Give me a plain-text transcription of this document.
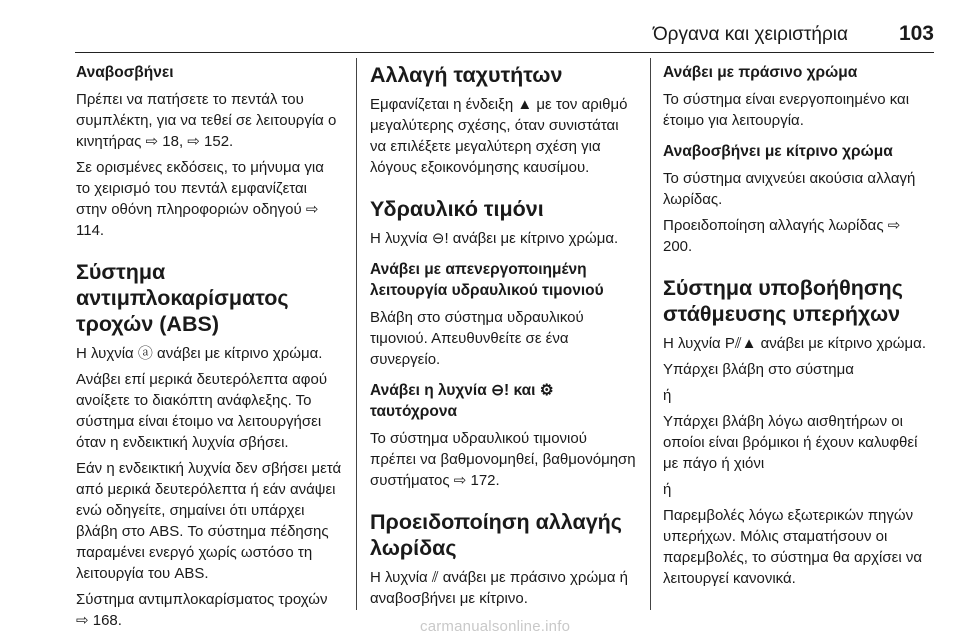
Όργανα και χειριστήρια 103
Αναβοσβήνει
Πρέπει να πατήσετε το πεντάλ του συμπλέκτη, για να τεθεί σε λειτουργία ο κινητήρας ⇨ 18, ⇨ 152.
Σε ορισμένες εκδόσεις, το μήνυμα για το χειρισμό του πεντάλ εμφανίζεται στην οθόνη πληροφοριών οδηγού ⇨ 114.
Σύστημα αντιμπλοκαρίσματος τροχών (ABS)
Η λυχνία ⓐ ανάβει με κίτρινο χρώμα.
Ανάβει επί μερικά δευτερόλεπτα αφού ανοίξετε το διακόπτη ανάφλεξης. Το σύστημα είναι έτοιμο να λειτουργήσει όταν η ενδεικτική λυχνία σβήσει.
Εάν η ενδεικτική λυχνία δεν σβήσει μετά από μερικά δευτερόλεπτα ή εάν ανάψει ενώ οδηγείτε, σημαίνει ότι υπάρχει βλάβη στο ABS. Το σύστημα πέδησης παραμένει ενεργό χωρίς ωστόσο τη λειτουργία του ABS.
Σύστημα αντιμπλοκαρίσματος τροχών ⇨ 168.
Αλλαγή ταχυτήτων
Εμφανίζεται η ένδειξη ▲ με τον αριθμό μεγαλύτερης σχέσης, όταν συνιστάται να επιλέξετε μεγαλύτερη σχέση για λόγους εξοικονόμησης καυσίμου.
Υδραυλικό τιμόνι
Η λυχνία ⊖! ανάβει με κίτρινο χρώμα.
Ανάβει με απενεργοποιημένη λειτουργία υδραυλικού τιμονιού
Βλάβη στο σύστημα υδραυλικού τιμονιού. Απευθυνθείτε σε ένα συνεργείο.
Ανάβει η λυχνία ⊖! και ⚙ ταυτόχρονα
Το σύστημα υδραυλικού τιμονιού πρέπει να βαθμονομηθεί, βαθμονόμηση συστήματος ⇨ 172.
Προειδοποίηση αλλαγής λωρίδας
Η λυχνία ⫽ ανάβει με πράσινο χρώμα ή αναβοσβήνει με κίτρινο.
Ανάβει με πράσινο χρώμα
Το σύστημα είναι ενεργοποιημένο και έτοιμο για λειτουργία.
Αναβοσβήνει με κίτρινο χρώμα
Το σύστημα ανιχνεύει ακούσια αλλαγή λωρίδας.
Προειδοποίηση αλλαγής λωρίδας ⇨ 200.
Σύστημα υποβοήθησης στάθμευσης υπερήχων
Η λυχνία P⫽▲ ανάβει με κίτρινο χρώμα.
Υπάρχει βλάβη στο σύστημα
ή
Υπάρχει βλάβη λόγω αισθητήρων οι οποίοι είναι βρόμικοι ή έχουν καλυφθεί με πάγο ή χιόνι
ή
Παρεμβολές λόγω εξωτερικών πηγών υπερήχων. Μόλις σταματήσουν οι παρεμβολές, το σύστημα θα αρχίσει να λειτουργεί κανονικά.
carmanualsonline.info
